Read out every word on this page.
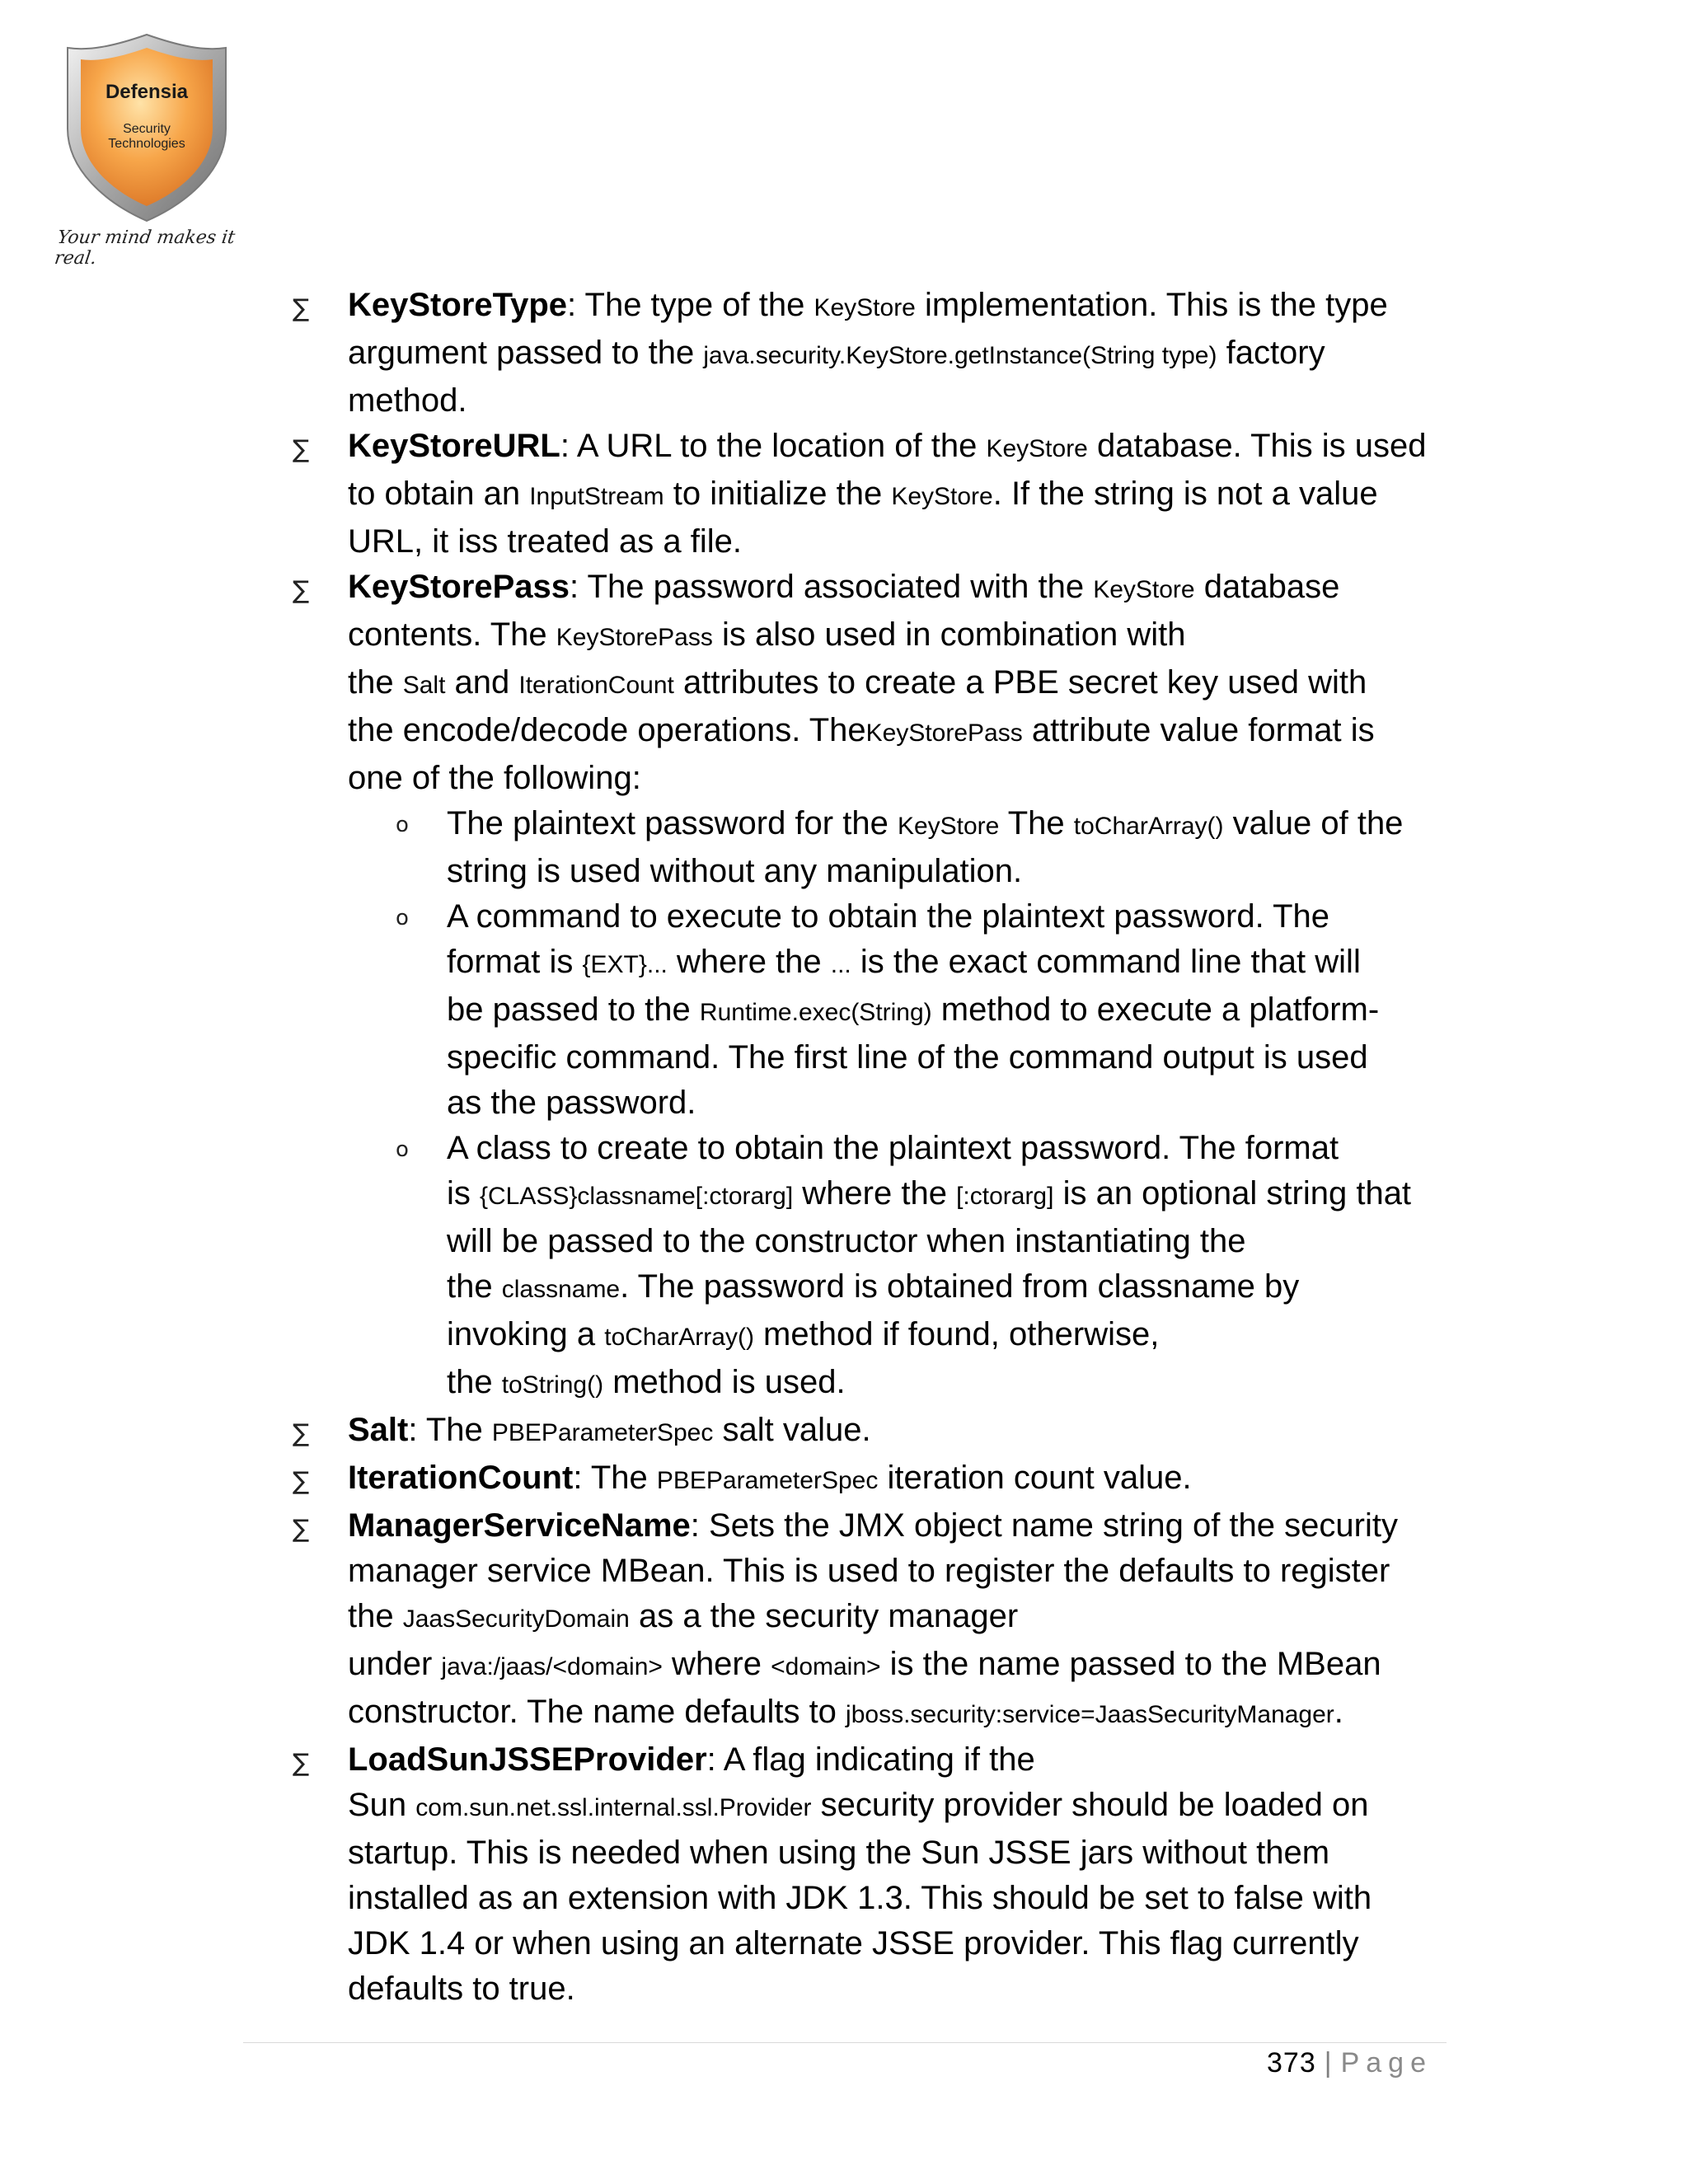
Defensia
Security
Technologies
Your mind makes it real.
∑ KeyStoreType: The type of the KeyStore implementation. This is the type
argument passed to the java.security.KeyStore.getInstance(String type) factory
method.
∑ KeyStoreURL: A URL to the location of the KeyStore database. This is used
to obtain an InputStream to initialize the KeyStore. If the string is not a value
URL, it iss treated as a file.
∑ KeyStorePass: The password associated with the KeyStore database
contents. The KeyStorePass is also used in combination with
the Salt and IterationCount attributes to create a PBE secret key used with
the encode/decode operations. TheKeyStorePass attribute value format is
one of the following:
o The plaintext password for the KeyStore The toCharArray() value of the
string is used without any manipulation.
o A command to execute to obtain the plaintext password. The
format is {EXT}... where the ... is the exact command line that will
be passed to the Runtime.exec(String) method to execute a platform-
specific command. The first line of the command output is used
as the password.
o A class to create to obtain the plaintext password. The format
is {CLASS}classname[:ctorarg] where the [:ctorarg] is an optional string that
will be passed to the constructor when instantiating the
the classname. The password is obtained from classname by
invoking a toCharArray() method if found, otherwise,
the toString() method is used.
∑ Salt: The PBEParameterSpec salt value.
∑ IterationCount: The PBEParameterSpec iteration count value.
∑ ManagerServiceName: Sets the JMX object name string of the security
manager service MBean. This is used to register the defaults to register
the JaasSecurityDomain as a the security manager
under java:/jaas/<domain> where <domain> is the name passed to the MBean
constructor. The name defaults to jboss.security:service=JaasSecurityManager.
∑ LoadSunJSSEProvider: A flag indicating if the
Sun com.sun.net.ssl.internal.ssl.Provider security provider should be loaded on
startup. This is needed when using the Sun JSSE jars without them
installed as an extension with JDK 1.3. This should be set to false with
JDK 1.4 or when using an alternate JSSE provider. This flag currently
defaults to true.
373 | Page
